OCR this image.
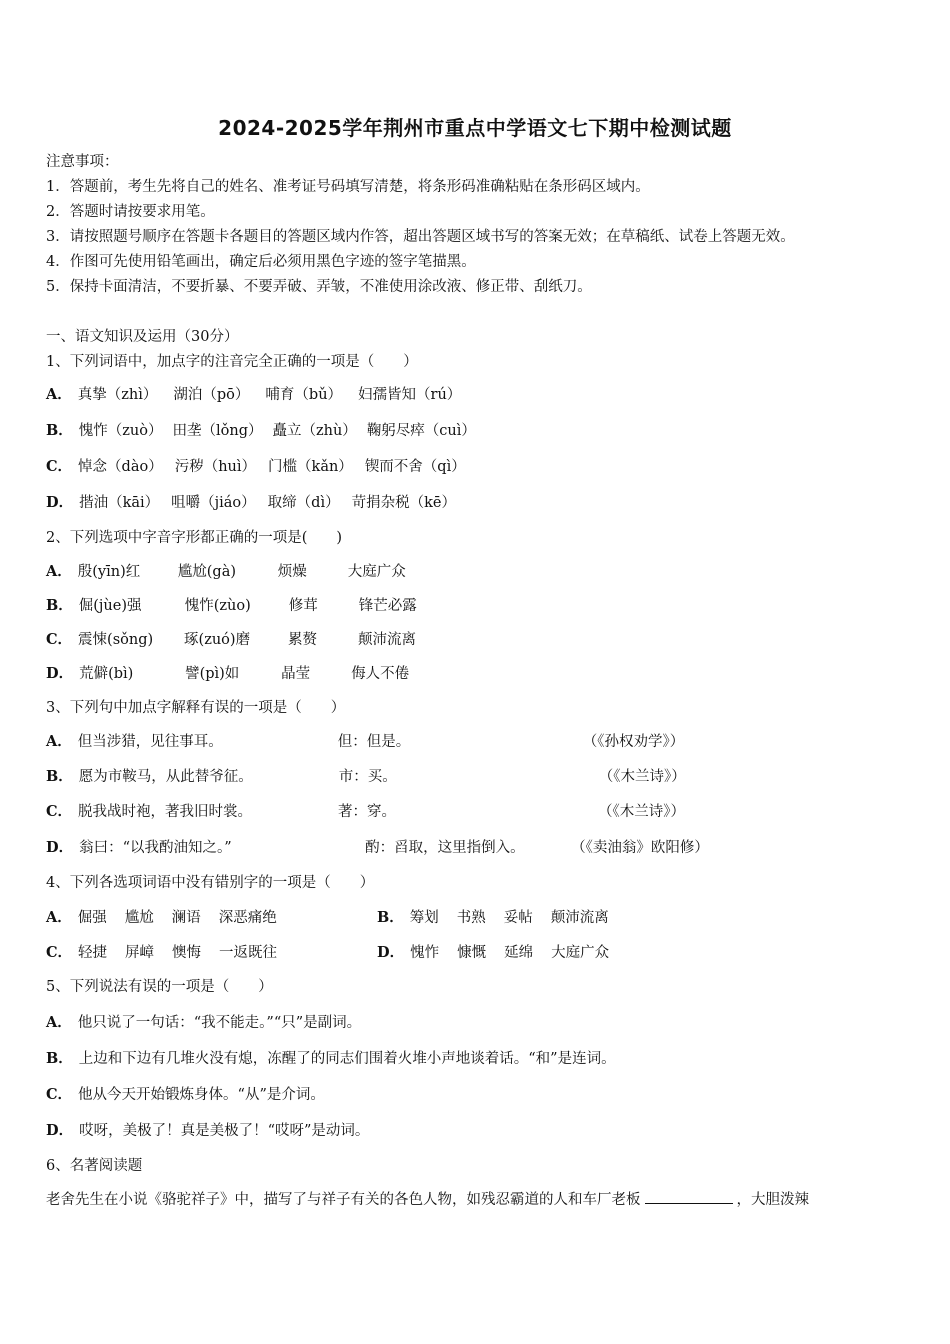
2024-2025学年荆州市重点中学语文七下期中检测试题
注意事项：
1．答题前，考生先将自己的姓名、准考证号码填写清楚，将条形码准确粘贴在条形码区域内。
2．答题时请按要求用笔。
3．请按照题号顺序在答题卡各题目的答题区域内作答，超出答题区域书写的答案无效；在草稿纸、试卷上答题无效。
4．作图可先使用铅笔画出，确定后必须用黑色字迹的签字笔描黑。
5．保持卡面清洁，不要折暴、不要弄破、弄皱，不准使用涂改液、修正带、刮纸刀。
一、语文知识及运用（30分）
1、下列词语中，加点字的注音完全正确的一项是（　　）
A． 真挚（zhì） 湖泊（pō） 哺育（bǔ） 妇孺皆知（rú）
B． 愧怍（zuò） 田垄（lǒng） 矗立（zhù） 鞠躬尽瘁（cuì）
C． 悼念（dào） 污秽（huì） 门槛（kǎn） 锲而不舍（qì）
D． 揩油（kāi） 咀嚼（jiáo） 取缔（dì） 苛捐杂税（kē）
2、下列选项中字音字形都正确的一项是(　　)
A． 殷(yīn)红	尴尬(gà)	烦燥	大庭广众
B． 倔(jùe)强	愧怍(zùo)	修茸	锋芒必露
C． 震悚(sǒng) 琢(zuó)磨	累赘	颠沛流离
D． 荒僻(bì)	譬(pì)如	晶莹	侮人不倦
3、下列句中加点字解释有误的一项是（　　）
A． 但当涉猎，见往事耳。	但：但是。	（《孙权劝学》）
B． 愿为市鞍马，从此替爷征。	市：买。	（《木兰诗》）
C． 脱我战时袍，著我旧时裳。	著：穿。	（《木兰诗》）
D． 翁曰：“以我酌油知之。”	酌：舀取，这里指倒入。	（《卖油翁》欧阳修）
4、下列各选项词语中没有错别字的一项是（　　）
A． 倔强 尴尬 澜语 深恶痛绝	B． 筹划 书熟 妥帖 颠沛流离
C． 轻捷 屏嶂 懊悔 一返既往	D． 愧怍 慷慨 延绵 大庭广众
5、下列说法有误的一项是（　　）
A． 他只说了一句话：“我不能走。”“只”是副词。
B． 上边和下边有几堆火没有熄，冻醒了的同志们围着火堆小声地谈着话。“和”是连词。
C． 他从今天开始锻炼身体。“从”是介词。
D． 哎呀，美极了！真是美极了！“哎呀”是动词。
6、名著阅读题
老舍先生在小说《骆驼祥子》中，描写了与祥子有关的各色人物，如残忍霸道的人和车厂老板	，大胆泼辣
